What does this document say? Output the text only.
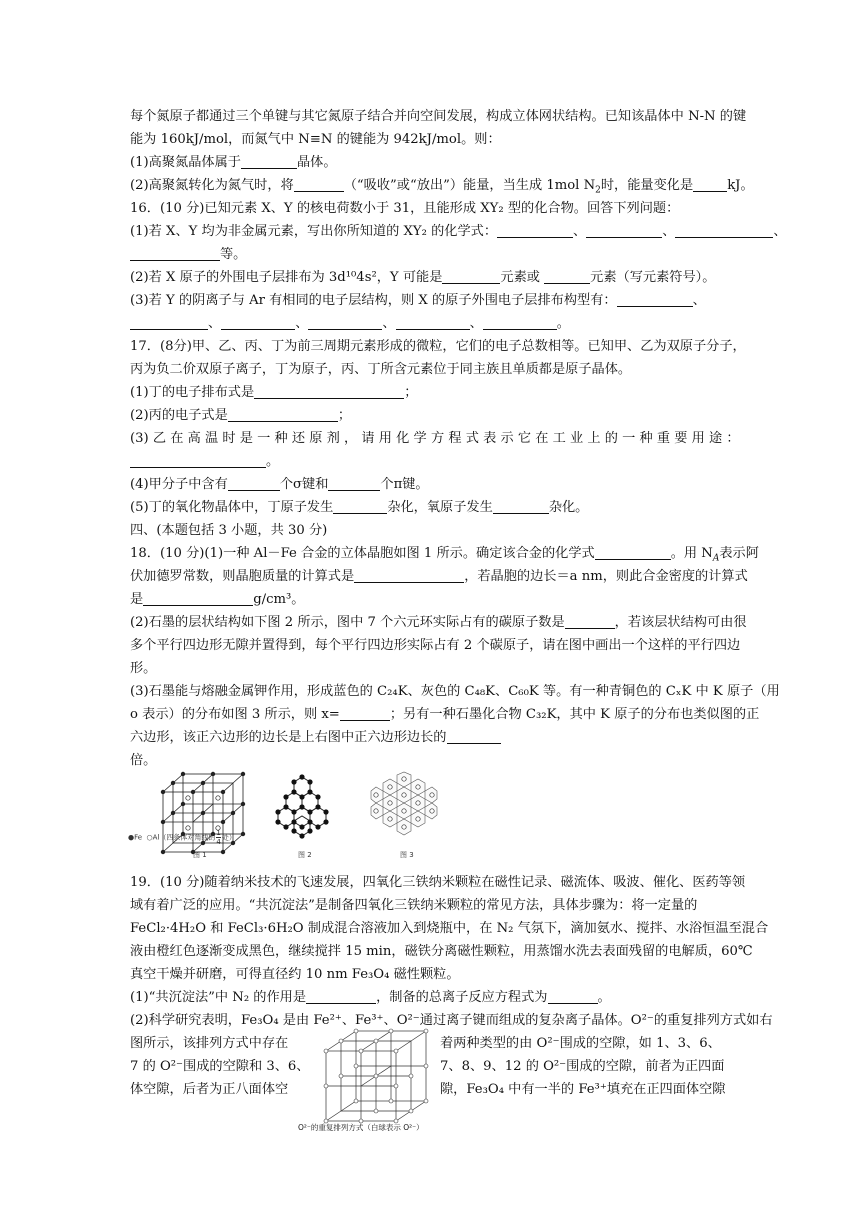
每个氮原子都通过三个单键与其它氮原子结合并向空间发展，构成立体网状结构。已知该晶体中 N-N 的键
能为 160kJ/mol，而氮气中 N≡N 的键能为 942kJ/mol。则：
(1)高聚氮晶体属于	晶体。
(2)高聚氮转化为氮气时，将	（“吸收”或“放出”）能量，当生成 1mol $N_2$时，能量变化是	kJ。
16．(10 分)已知元素 X、Y 的核电荷数小于 31，且能形成 XY₂ 型的化合物。回答下列问题：
(1)若 X、Y 均为非金属元素，写出你所知道的 XY₂ 的化学式：	、	、	、
等。
(2)若 X 原子的外围电子层排布为 3d¹⁰4s²，Y 可能是	元素或	元素（写元素符号）。
(3)若 Y 的阴离子与 Ar 有相同的电子层结构，则 X 的原子外围电子层排布构型有：	、
、	、	、	、	。
17．(8分)甲、乙、丙、丁为前三周期元素形成的微粒，它们的电子总数相等。已知甲、乙为双原子分子，
丙为负二价双原子离子，丁为原子，丙、丁所含元素位于同主族且单质都是原子晶体。
(1)丁的电子排布式是	；
(2)丙的电子式是	；
(3) 乙 在 高 温 时 是 一 种 还 原 剂 ， 请 用 化 学 方 程 式 表 示 它 在 工 业 上 的 一 种 重 要 用 途 ：
。
(4)甲分子中含有	个σ键和	个π键。
(5)丁的氧化物晶体中，丁原子发生	杂化，氧原子发生	杂化。
四、(本题包括 3 小题，共 30 分)
18．(10 分)(1)一种 Al－Fe 合金的立体晶胞如图 1 所示。确定该合金的化学式	。用 $N_A$表示阿
伏加德罗常数，则晶胞质量的计算式是	，若晶胞的边长＝a nm，则此合金密度的计算式
是	g/cm³。
(2)石墨的层状结构如下图 2 所示，图中 7 个六元环实际占有的碳原子数是	，若该层状结构可由很
多个平行四边形无隙并置得到，每个平行四边形实际占有 2 个碳原子，请在图中画出一个这样的平行四边
形。
(3)石墨能与熔融金属钾作用，形成蓝色的 C₂₄K、灰色的 C₄₈K、C₆₀K 等。有一种青铜色的 CₓK 中 K 原子（用
o 表示）的分布如图 3 所示，则 x=	；另有一种石墨化合物 C₃₂K，其中 K 原子的分布也类似图的正
六边形，该正六边形的边长是上右图中正六边形边长的
倍。
●Fe ○Al（四条体对角线的$\frac{1}{4}$处）
图 1	图 2	图 3
19．(10 分)随着纳米技术的飞速发展，四氧化三铁纳米颗粒在磁性记录、磁流体、吸波、催化、医药等领
域有着广泛的应用。“共沉淀法”是制备四氧化三铁纳米颗粒的常见方法，具体步骤为：将一定量的
FeCl₂·4H₂O 和 FeCl₃·6H₂O 制成混合溶液加入到烧瓶中，在 N₂ 气氛下，滴加氨水、搅拌、水浴恒温至混合
液由橙红色逐渐变成黑色，继续搅拌 15 min，磁铁分离磁性颗粒，用蒸馏水洗去表面残留的电解质，60℃
真空干燥并研磨，可得直径约 10 nm Fe₃O₄ 磁性颗粒。
(1)“共沉淀法”中 N₂ 的作用是	，制备的总离子反应方程式为	。
(2)科学研究表明，Fe₃O₄ 是由 Fe²⁺、Fe³⁺、O²⁻通过离子键而组成的复杂离子晶体。O²⁻的重复排列方式如右
图所示，该排列方式中存在	着两种类型的由 O²⁻围成的空隙，如 1、3、6、
7 的 O²⁻围成的空隙和 3、6、	7、8、9、12 的 O²⁻围成的空隙，前者为正四面
体空隙，后者为正八面体空	隙，Fe₃O₄ 中有一半的 Fe³⁺填充在正四面体空隙
O²⁻的重复排列方式（白球表示 O²⁻）
